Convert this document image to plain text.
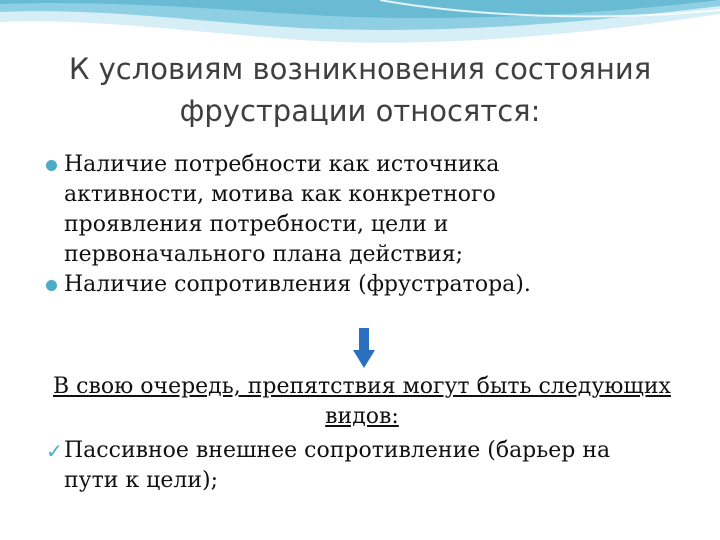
К условиям возникновения состояния
фрустрации относятся:
Наличие потребности как источника
активности, мотива как конкретного
проявления потребности, цели и
первоначального плана действия;
Наличие сопротивления (фрустратора).
В свою очередь, препятствия могут быть следующих
видов:
✓ Пассивное внешнее сопротивление (барьер на
пути к цели);
